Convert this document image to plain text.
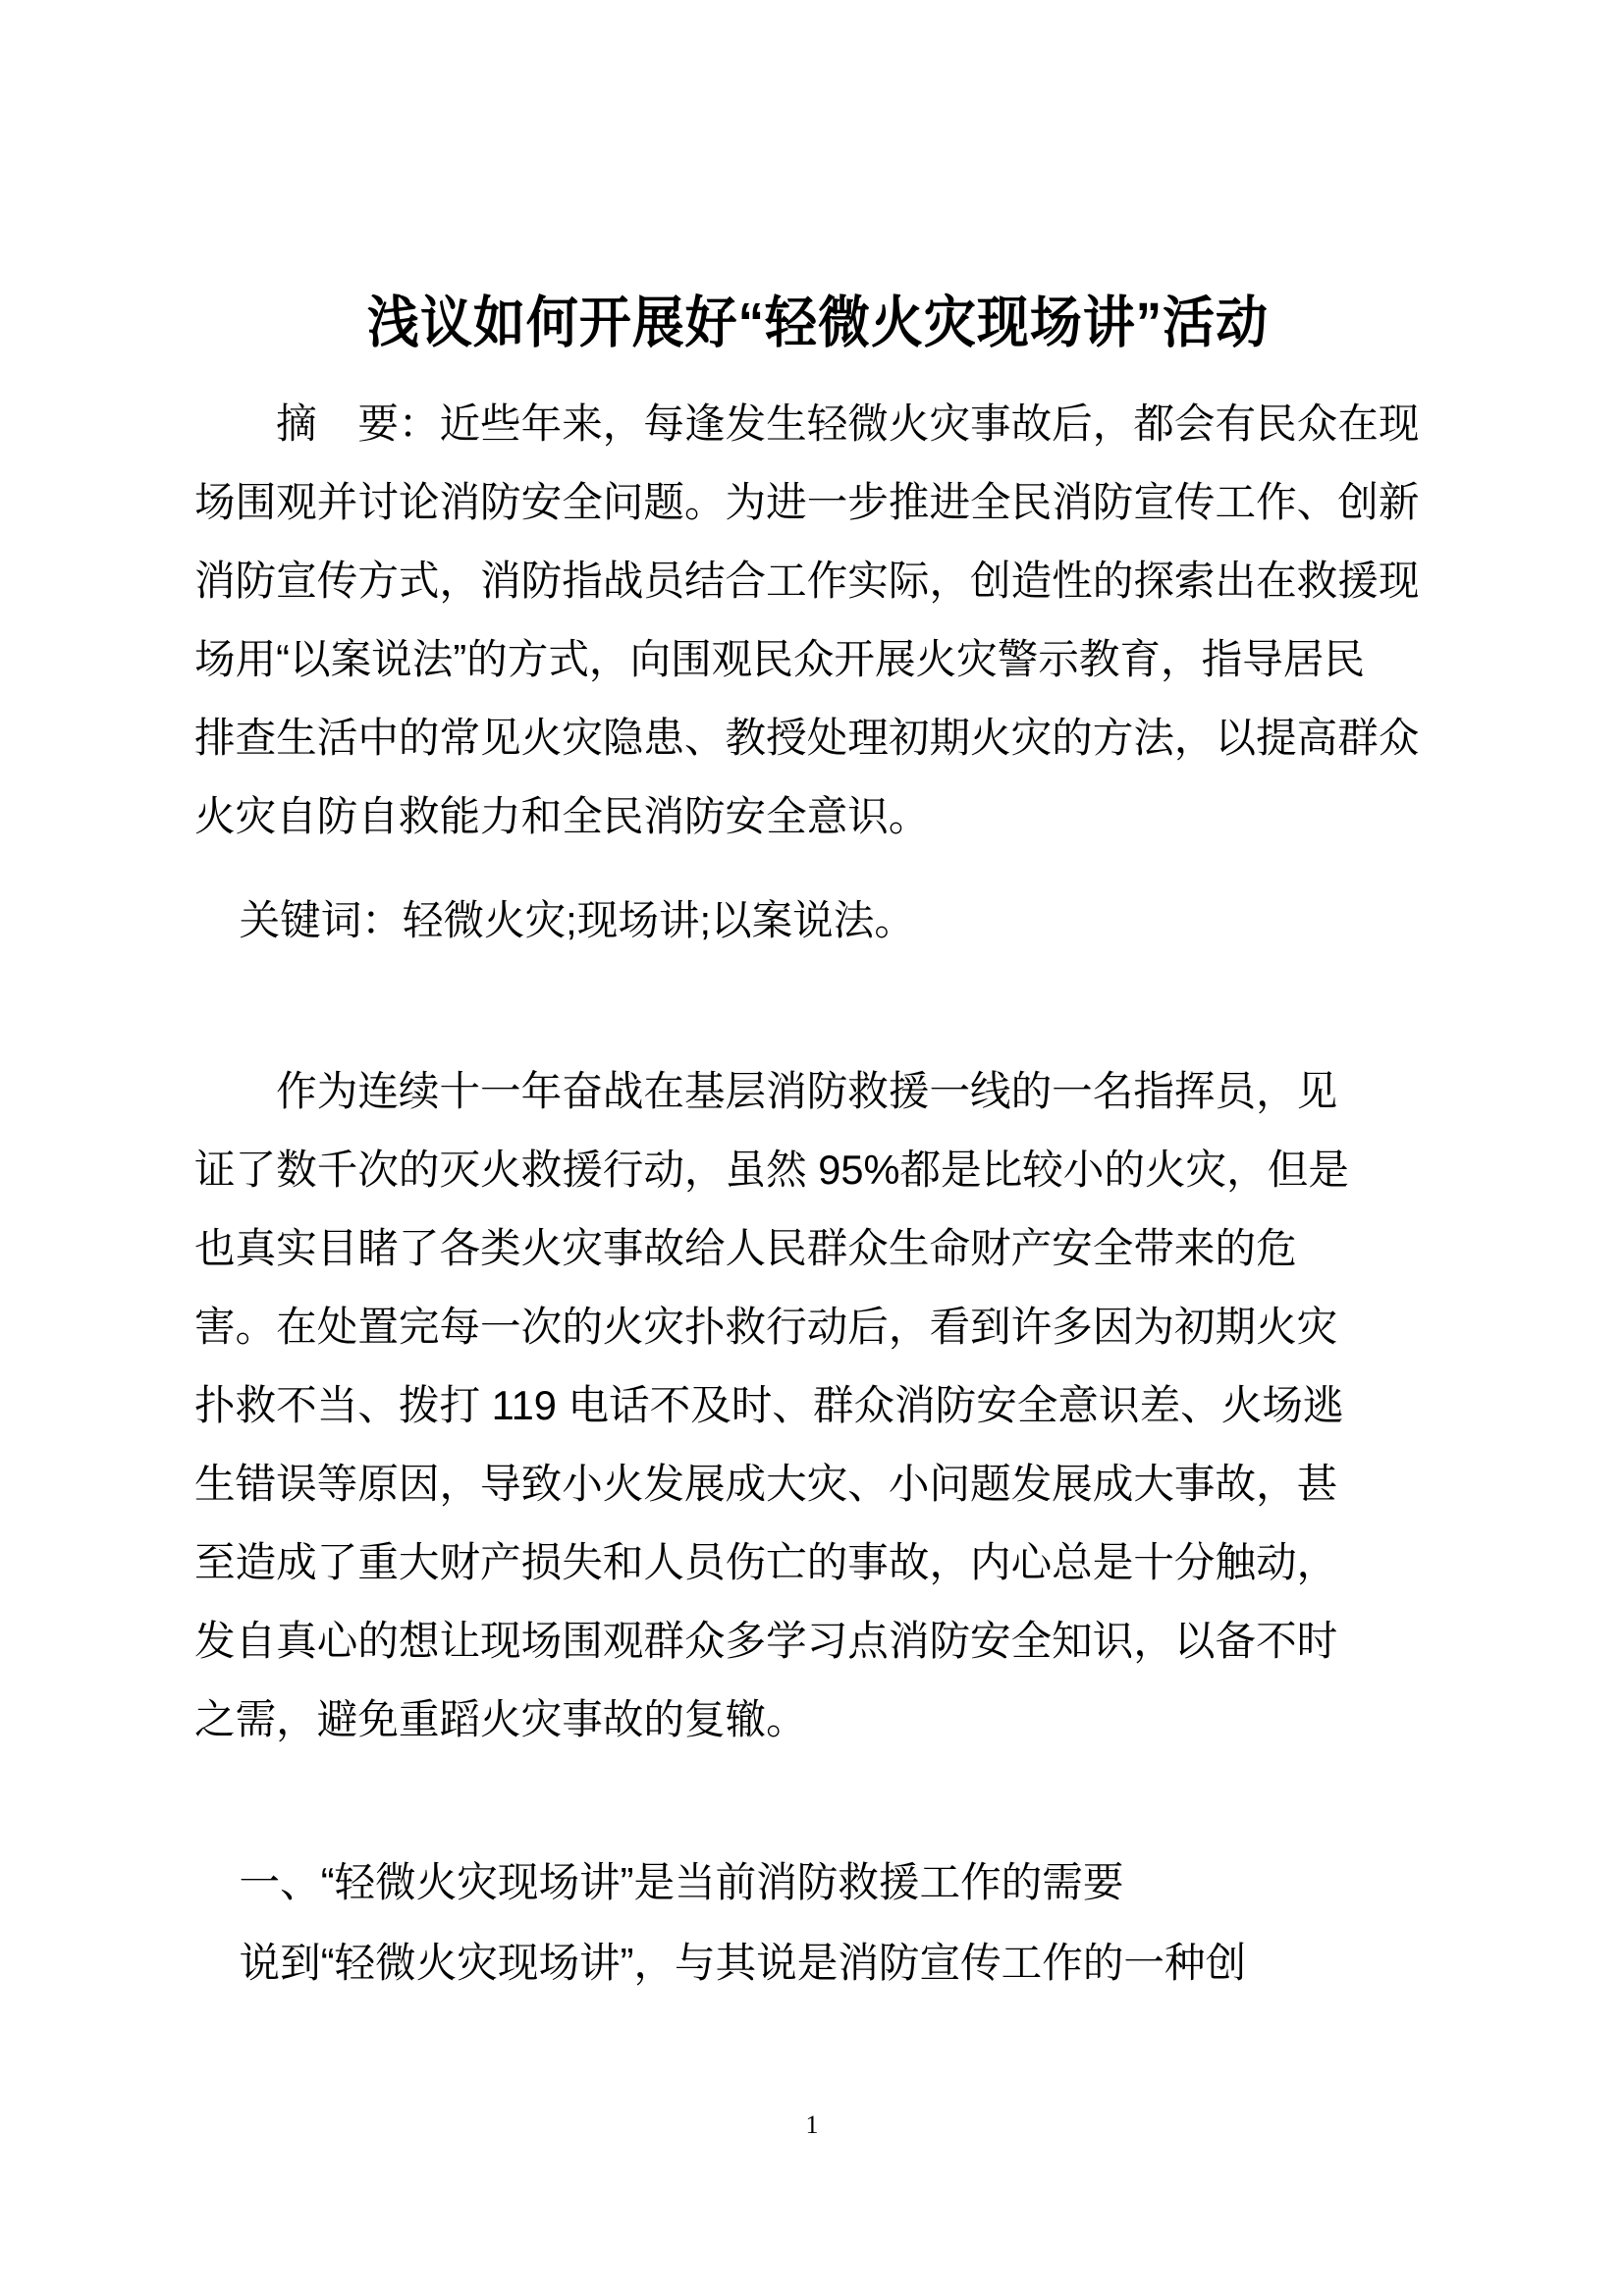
浅议如何开展好“轻微火灾现场讲”活动
摘　要：近些年来，每逢发生轻微火灾事故后，都会有民众在现
场围观并讨论消防安全问题。为进一步推进全民消防宣传工作、创新
消防宣传方式，消防指战员结合工作实际，创造性的探索出在救援现
场用“以案说法”的方式，向围观民众开展火灾警示教育，指导居民
排查生活中的常见火灾隐患、教授处理初期火灾的方法，以提高群众
火灾自防自救能力和全民消防安全意识。
关键词：轻微火灾;现场讲;以案说法。
作为连续十一年奋战在基层消防救援一线的一名指挥员，见
证了数千次的灭火救援行动，虽然 95%都是比较小的火灾，但是
也真实目睹了各类火灾事故给人民群众生命财产安全带来的危
害。在处置完每一次的火灾扑救行动后，看到许多因为初期火灾
扑救不当、拨打 119 电话不及时、群众消防安全意识差、火场逃
生错误等原因，导致小火发展成大灾、小问题发展成大事故，甚
至造成了重大财产损失和人员伤亡的事故，内心总是十分触动，
发自真心的想让现场围观群众多学习点消防安全知识，以备不时
之需，避免重蹈火灾事故的复辙。
一、“轻微火灾现场讲”是当前消防救援工作的需要
说到“轻微火灾现场讲”，与其说是消防宣传工作的一种创
1
